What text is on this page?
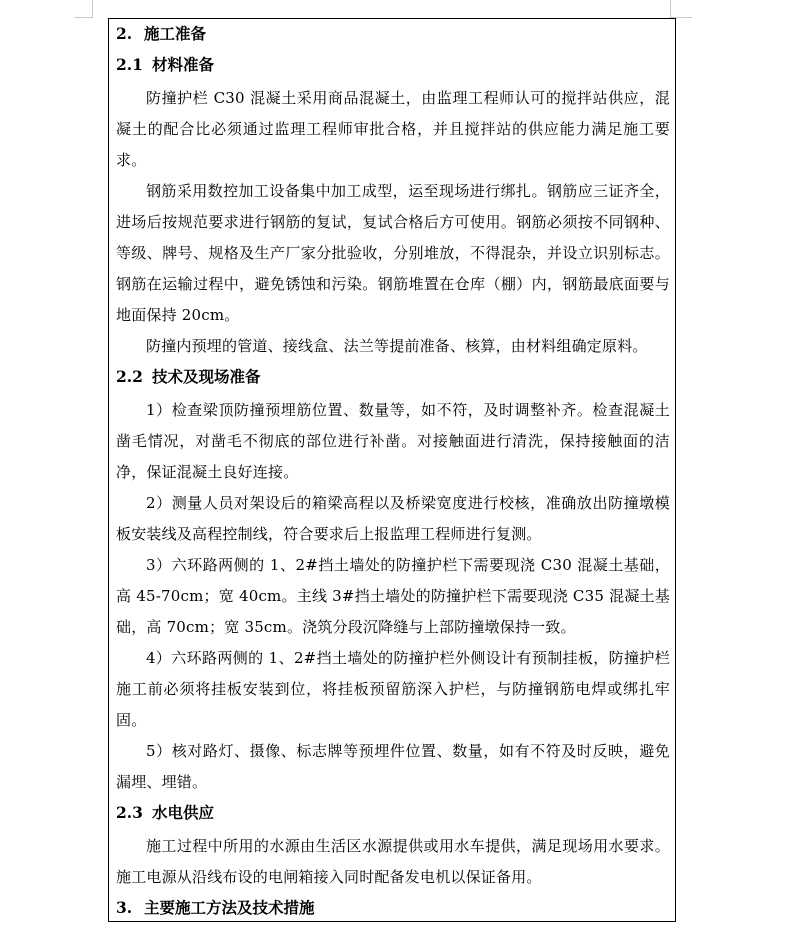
2. 施工准备
2.1 材料准备

防撞护栏 C30 混凝土采用商品混凝土，由监理工程师认可的搅拌站供应，混凝土的配合比必须通过监理工程师审批合格，并且搅拌站的供应能力满足施工要求。

钢筋采用数控加工设备集中加工成型，运至现场进行绑扎。钢筋应三证齐全，进场后按规范要求进行钢筋的复试，复试合格后方可使用。钢筋必须按不同钢种、等级、牌号、规格及生产厂家分批验收，分别堆放，不得混杂，并设立识别标志。钢筋在运输过程中，避免锈蚀和污染。钢筋堆置在仓库（棚）内，钢筋最底面要与地面保持 20cm。

防撞内预埋的管道、接线盒、法兰等提前准备、核算，由材料组确定原料。

2.2 技术及现场准备

1）检查梁顶防撞预埋筋位置、数量等，如不符，及时调整补齐。检查混凝土凿毛情况，对凿毛不彻底的部位进行补凿。对接触面进行清洗，保持接触面的洁净，保证混凝土良好连接。

2）测量人员对架设后的箱梁高程以及桥梁宽度进行校核，准确放出防撞墩模板安装线及高程控制线，符合要求后上报监理工程师进行复测。

3）六环路两侧的 1、2#挡土墙处的防撞护栏下需要现浇 C30 混凝土基础，高 45-70cm；宽 40cm。主线 3#挡土墙处的防撞护栏下需要现浇 C35 混凝土基础，高 70cm；宽 35cm。浇筑分段沉降缝与上部防撞墩保持一致。

4）六环路两侧的 1、2#挡土墙处的防撞护栏外侧设计有预制挂板，防撞护栏施工前必须将挂板安装到位，将挂板预留筋深入护栏，与防撞钢筋电焊或绑扎牢固。

5）核对路灯、摄像、标志牌等预埋件位置、数量，如有不符及时反映，避免漏埋、埋错。

2.3 水电供应

施工过程中所用的水源由生活区水源提供或用水车提供，满足现场用水要求。施工电源从沿线布设的电闸箱接入同时配备发电机以保证备用。

3. 主要施工方法及技术措施
